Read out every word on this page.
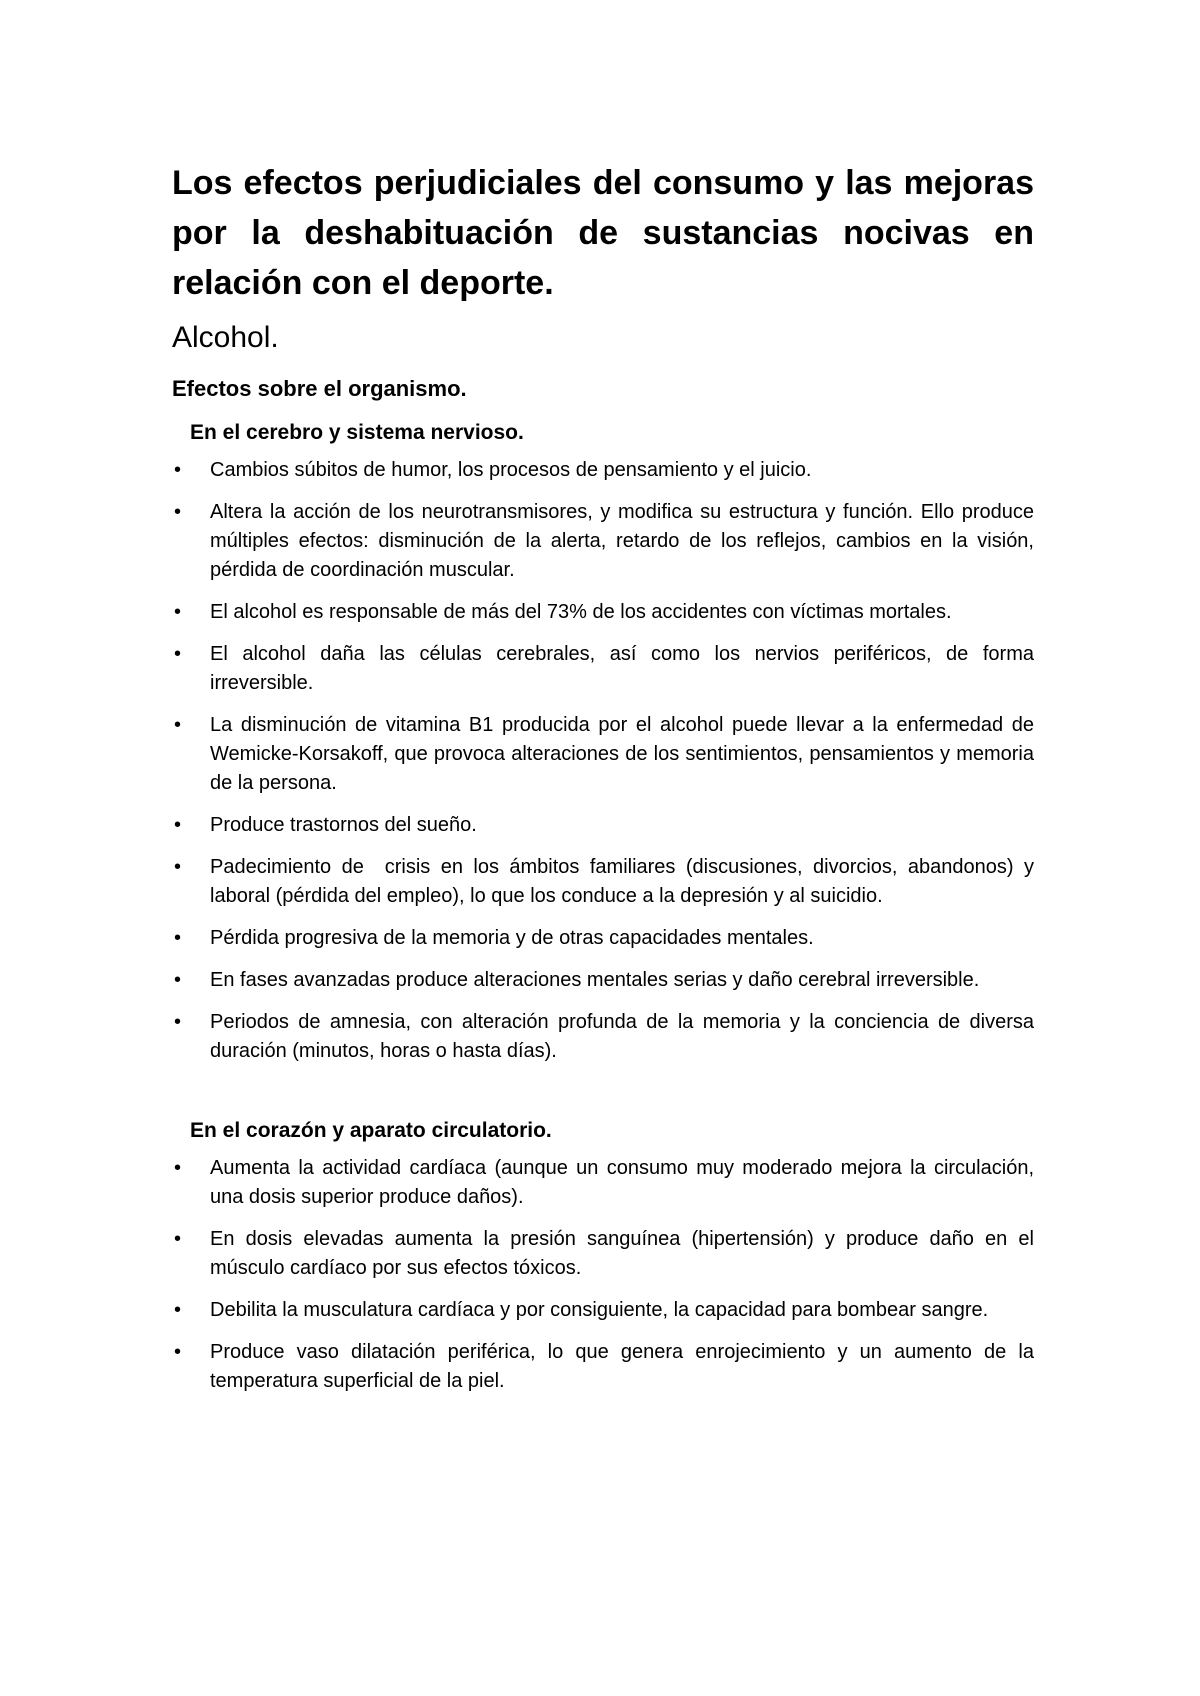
Los efectos perjudiciales del consumo y las mejoras por la deshabituación de sustancias nocivas en relación con el deporte.
Alcohol.
Efectos sobre el organismo.
En el cerebro y sistema nervioso.
• Cambios súbitos de humor, los procesos de pensamiento y el juicio.
• Altera la acción de los neurotransmisores, y modifica su estructura y función. Ello produce múltiples efectos: disminución de la alerta, retardo de los reflejos, cambios en la visión, pérdida de coordinación muscular.
• El alcohol es responsable de más del 73% de los accidentes con víctimas mortales.
• El alcohol daña las células cerebrales, así como los nervios periféricos, de forma irreversible.
• La disminución de vitamina B1 producida por el alcohol puede llevar a la enfermedad de Wemicke-Korsakoff, que provoca alteraciones de los sentimientos, pensamientos y memoria de la persona.
• Produce trastornos del sueño.
• Padecimiento de  crisis en los ámbitos familiares (discusiones, divorcios, abandonos) y laboral (pérdida del empleo), lo que los conduce a la depresión y al suicidio.
• Pérdida progresiva de la memoria y de otras capacidades mentales.
• En fases avanzadas produce alteraciones mentales serias y daño cerebral irreversible.
• Periodos de amnesia, con alteración profunda de la memoria y la conciencia de diversa duración (minutos, horas o hasta días).
En el corazón y aparato circulatorio.
• Aumenta la actividad cardíaca (aunque un consumo muy moderado mejora la circulación, una dosis superior produce daños).
• En dosis elevadas aumenta la presión sanguínea (hipertensión) y produce daño en el músculo cardíaco por sus efectos tóxicos.
• Debilita la musculatura cardíaca y por consiguiente, la capacidad para bombear sangre.
• Produce vaso dilatación periférica, lo que genera enrojecimiento y un aumento de la temperatura superficial de la piel.
